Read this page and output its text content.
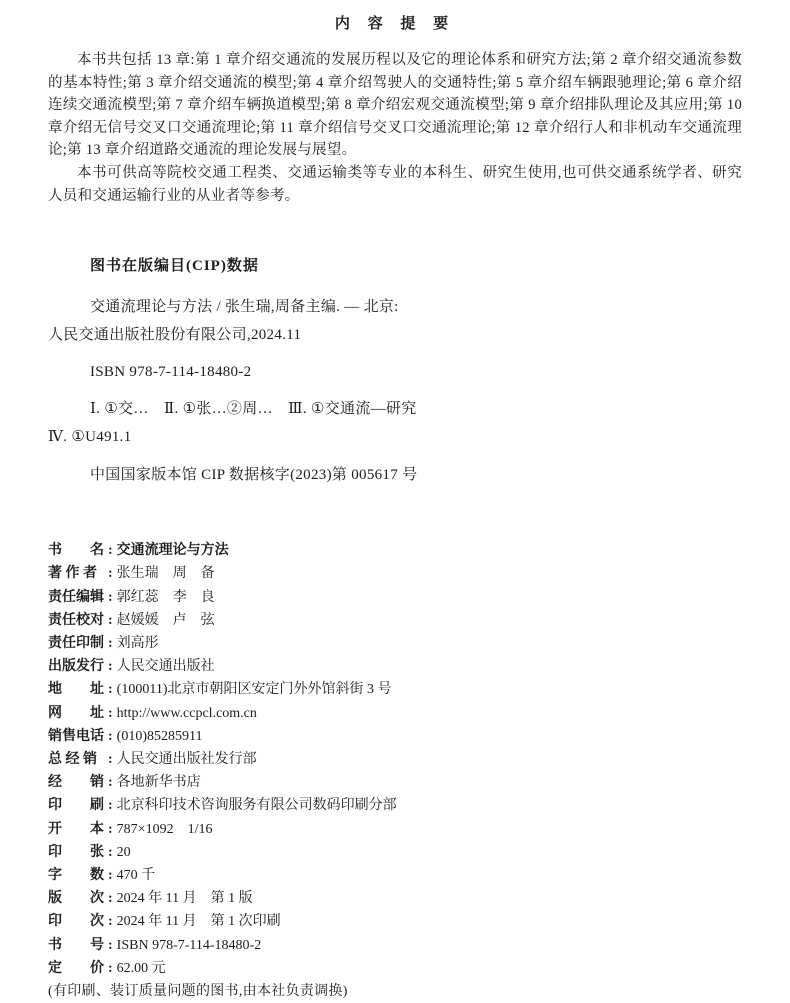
内 容 提 要

本书共包括 13 章:第 1 章介绍交通流的发展历程以及它的理论体系和研究方法;第 2 章介绍交通流参数的基本特性;第 3 章介绍交通流的模型;第 4 章介绍驾驶人的交通特性;第 5 章介绍车辆跟驰理论;第 6 章介绍连续交通流模型;第 7 章介绍车辆换道模型;第 8 章介绍宏观交通流模型;第 9 章介绍排队理论及其应用;第 10 章介绍无信号交叉口交通流理论;第 11 章介绍信号交叉口交通流理论;第 12 章介绍行人和非机动车交通流理论;第 13 章介绍道路交通流的理论发展与展望。

本书可供高等院校交通工程类、交通运输类等专业的本科生、研究生使用,也可供交通系统学者、研究人员和交通运输行业的从业者等参考。

图书在版编目(CIP)数据
交通流理论与方法 / 张生瑞,周备主编. — 北京:
人民交通出版社股份有限公司,2024.11
ISBN 978-7-114-18480-2
Ⅰ. ①交…　Ⅱ. ①张…②周…　Ⅲ. ①交通流—研究
Ⅳ. ①U491.1
中国国家版本馆 CIP 数据核字(2023)第 005617 号
书　　名 : 交通流理论与方法
著 作 者 : 张生瑞　周　备
责任编辑 : 郭红蕊　李　良
责任校对 : 赵媛媛　卢　弦
责任印制 : 刘高彤
出版发行 : 人民交通出版社
地　　址 : (100011)北京市朝阳区安定门外外馆斜街 3 号
网　　址 : http://www.ccpcl.com.cn
销售电话 : (010)85285911
总 经 销 : 人民交通出版社发行部
经　　销 : 各地新华书店
印　　刷 : 北京科印技术咨询服务有限公司数码印刷分部
开　　本 : 787×1092　1/16
印　　张 : 20
字　　数 : 470 千
版　　次 : 2024 年 11 月　第 1 版
印　　次 : 2024 年 11 月　第 1 次印刷
书　　号 : ISBN 978-7-114-18480-2
定　　价 : 62.00 元
(有印刷、装订质量问题的图书,由本社负责调换)
